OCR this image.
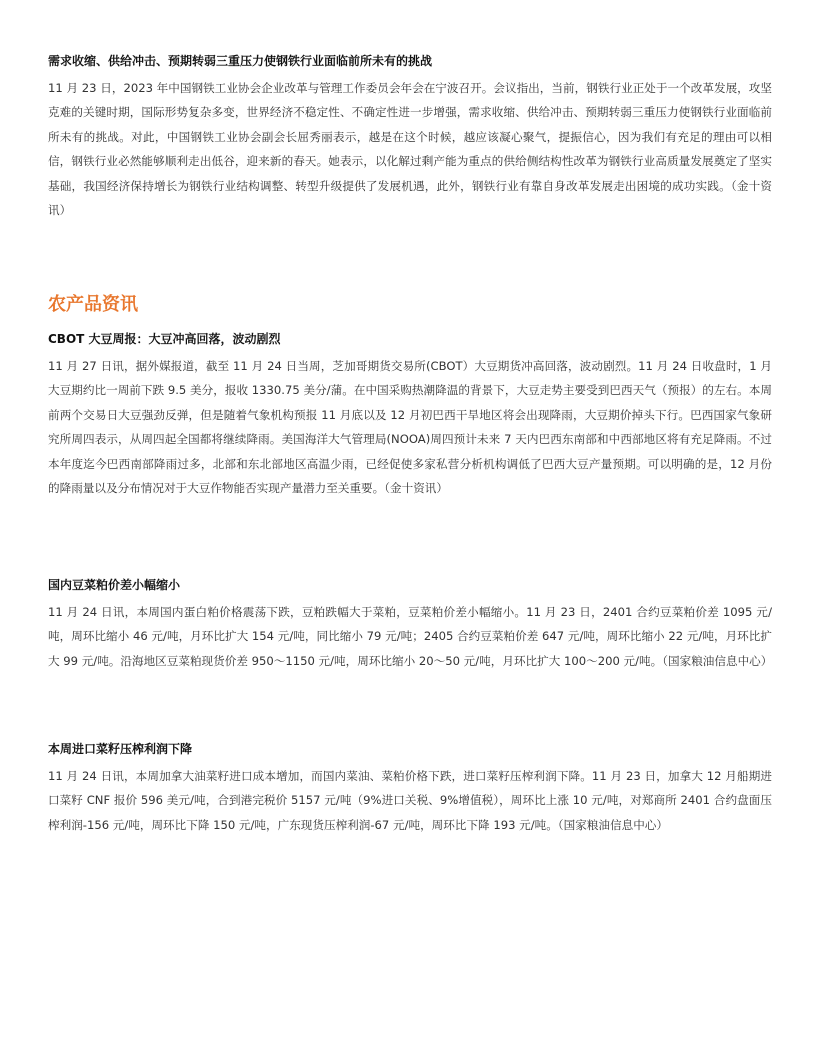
需求收缩、供给冲击、预期转弱三重压力使钢铁行业面临前所未有的挑战

11 月 23 日，2023 年中国钢铁工业协会企业改革与管理工作委员会年会在宁波召开。会议指出，当前，钢铁行业正处于一个改革发展，攻坚克难的关键时期，国际形势复杂多变，世界经济不稳定性、不确定性进一步增强，需求收缩、供给冲击、预期转弱三重压力使钢铁行业面临前所未有的挑战。对此，中国钢铁工业协会副会长屈秀丽表示，越是在这个时候，越应该凝心聚气，提振信心，因为我们有充足的理由可以相信，钢铁行业必然能够顺利走出低谷，迎来新的春天。她表示，以化解过剩产能为重点的供给侧结构性改革为钢铁行业高质量发展奠定了坚实基础，我国经济保持增长为钢铁行业结构调整、转型升级提供了发展机遇，此外，钢铁行业有靠自身改革发展走出困境的成功实践。（金十资讯）

农产品资讯
CBOT 大豆周报：大豆冲高回落，波动剧烈

11 月 27 日讯，据外媒报道，截至 11 月 24 日当周，芝加哥期货交易所(CBOT）大豆期货冲高回落，波动剧烈。11 月 24 日收盘时，1 月大豆期约比一周前下跌 9.5 美分，报收 1330.75 美分/蒲。在中国采购热潮降温的背景下，大豆走势主要受到巴西天气（预报）的左右。本周前两个交易日大豆强劲反弹，但是随着气象机构预报 11 月底以及 12 月初巴西干旱地区将会出现降雨，大豆期价掉头下行。巴西国家气象研究所周四表示，从周四起全国都将继续降雨。美国海洋大气管理局(NOOA)周四预计未来 7 天内巴西东南部和中西部地区将有充足降雨。不过本年度迄今巴西南部降雨过多，北部和东北部地区高温少雨，已经促使多家私营分析机构调低了巴西大豆产量预期。可以明确的是，12 月份的降雨量以及分布情况对于大豆作物能否实现产量潜力至关重要。（金十资讯）

国内豆菜粕价差小幅缩小

11 月 24 日讯，本周国内蛋白粕价格震荡下跌，豆粕跌幅大于菜粕，豆菜粕价差小幅缩小。11 月 23 日，2401 合约豆菜粕价差 1095 元/吨，周环比缩小 46 元/吨，月环比扩大 154 元/吨，同比缩小 79 元/吨；2405 合约豆菜粕价差 647 元/吨，周环比缩小 22 元/吨，月环比扩大 99 元/吨。沿海地区豆菜粕现货价差 950～1150 元/吨，周环比缩小 20～50 元/吨，月环比扩大 100～200 元/吨。（国家粮油信息中心）

本周进口菜籽压榨利润下降

11 月 24 日讯，本周加拿大油菜籽进口成本增加，而国内菜油、菜粕价格下跌，进口菜籽压榨利润下降。11 月 23 日，加拿大 12 月船期进口菜籽 CNF 报价 596 美元/吨，合到港完税价 5157 元/吨（9%进口关税、9%增值税），周环比上涨 10 元/吨，对郑商所 2401 合约盘面压榨利润-156 元/吨，周环比下降 150 元/吨，广东现货压榨利润-67 元/吨，周环比下降 193 元/吨。（国家粮油信息中心）
